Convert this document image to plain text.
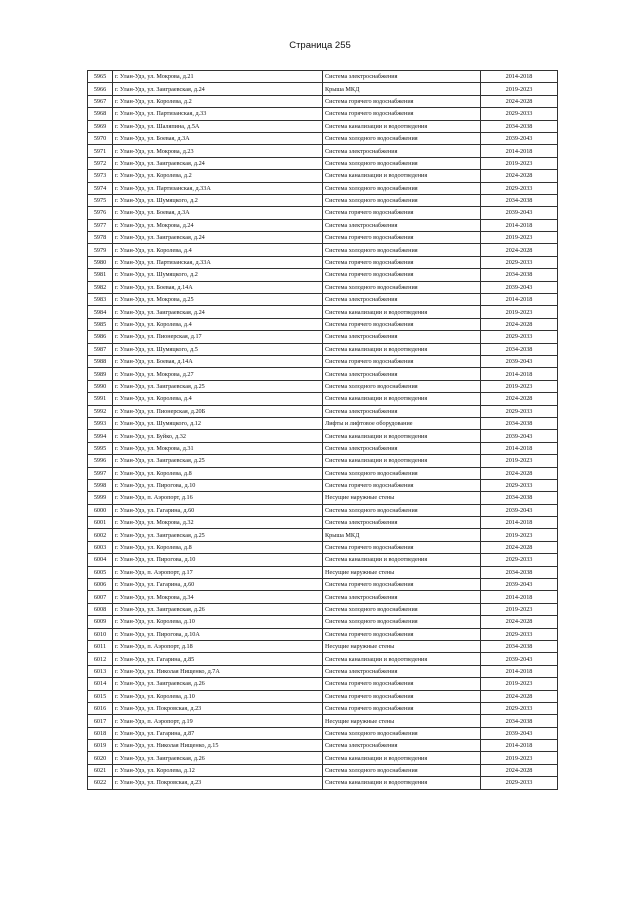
Страница 255
5965	г. Улан-Удэ, ул. Мокрова, д.21	Система электроснабжения	2014-2018
5966	г. Улан-Удэ, ул. Заиграевская, д.24	Крыша МКД	2019-2023
5967	г. Улан-Удэ, ул. Королева, д.2	Система горячего водоснабжения	2024-2028
5968	г. Улан-Удэ, ул. Партизанская, д.33	Система горячего водоснабжения	2029-2033
5969	г. Улан-Удэ, ул. Шаляпина, д.5А	Система канализации и водоотведения	2034-2038
5970	г. Улан-Удэ, ул. Боевая, д.3А	Система холодного водоснабжения	2039-2043
5971	г. Улан-Удэ, ул. Мокрова, д.23	Система электроснабжения	2014-2018
5972	г. Улан-Удэ, ул. Заиграевская, д.24	Система холодного водоснабжения	2019-2023
5973	г. Улан-Удэ, ул. Королева, д.2	Система канализации и водоотведения	2024-2028
5974	г. Улан-Удэ, ул. Партизанская, д.33А	Система холодного водоснабжения	2029-2033
5975	г. Улан-Удэ, ул. Шумяцкого, д.2	Система холодного водоснабжения	2034-2038
5976	г. Улан-Удэ, ул. Боевая, д.3А	Система горячего водоснабжения	2039-2043
5977	г. Улан-Удэ, ул. Мокрова, д.24	Система электроснабжения	2014-2018
5978	г. Улан-Удэ, ул. Заиграевская, д.24	Система горячего водоснабжения	2019-2023
5979	г. Улан-Удэ, ул. Королева, д.4	Система холодного водоснабжения	2024-2028
5980	г. Улан-Удэ, ул. Партизанская, д.33А	Система горячего водоснабжения	2029-2033
5981	г. Улан-Удэ, ул. Шумяцкого, д.2	Система горячего водоснабжения	2034-2038
5982	г. Улан-Удэ, ул. Боевая, д.14А	Система холодного водоснабжения	2039-2043
5983	г. Улан-Удэ, ул. Мокрова, д.25	Система электроснабжения	2014-2018
5984	г. Улан-Удэ, ул. Заиграевская, д.24	Система канализации и водоотведения	2019-2023
5985	г. Улан-Удэ, ул. Королева, д.4	Система горячего водоснабжения	2024-2028
5986	г. Улан-Удэ, ул. Пионерская, д.17	Система электроснабжения	2029-2033
5987	г. Улан-Удэ, ул. Шумяцкого, д.5	Система канализации и водоотведения	2034-2038
5988	г. Улан-Удэ, ул. Боевая, д.14А	Система горячего водоснабжения	2039-2043
5989	г. Улан-Удэ, ул. Мокрова, д.27	Система электроснабжения	2014-2018
5990	г. Улан-Удэ, ул. Заиграевская, д.25	Система холодного водоснабжения	2019-2023
5991	г. Улан-Удэ, ул. Королева, д.4	Система канализации и водоотведения	2024-2028
5992	г. Улан-Удэ, ул. Пионерская, д.20Б	Система электроснабжения	2029-2033
5993	г. Улан-Удэ, ул. Шумяцкого, д.12	Лифты и лифтовое оборудование	2034-2038
5994	г. Улан-Удэ, ул. Буйко, д.32	Система канализации и водоотведения	2039-2043
5995	г. Улан-Удэ, ул. Мокрова, д.31	Система электроснабжения	2014-2018
5996	г. Улан-Удэ, ул. Заиграевская, д.25	Система канализации и водоотведения	2019-2023
5997	г. Улан-Удэ, ул. Королева, д.8	Система холодного водоснабжения	2024-2028
5998	г. Улан-Удэ, ул. Пирогова, д.10	Система горячего водоснабжения	2029-2033
5999	г. Улан-Удэ, п. Аэропорт, д.16	Несущие наружные стены	2034-2038
6000	г. Улан-Удэ, ул. Гагарина, д.60	Система холодного водоснабжения	2039-2043
6001	г. Улан-Удэ, ул. Мокрова, д.32	Система электроснабжения	2014-2018
6002	г. Улан-Удэ, ул. Заиграевская, д.25	Крыша МКД	2019-2023
6003	г. Улан-Удэ, ул. Королева, д.8	Система горячего водоснабжения	2024-2028
6004	г. Улан-Удэ, ул. Пирогова, д.10	Система канализации и водоотведения	2029-2033
6005	г. Улан-Удэ, п. Аэропорт, д.17	Несущие наружные стены	2034-2038
6006	г. Улан-Удэ, ул. Гагарина, д.60	Система горячего водоснабжения	2039-2043
6007	г. Улан-Удэ, ул. Мокрова, д.34	Система электроснабжения	2014-2018
6008	г. Улан-Удэ, ул. Заиграевская, д.26	Система холодного водоснабжения	2019-2023
6009	г. Улан-Удэ, ул. Королева, д.10	Система холодного водоснабжения	2024-2028
6010	г. Улан-Удэ, ул. Пирогова, д.10А	Система горячего водоснабжения	2029-2033
6011	г. Улан-Удэ, п. Аэропорт, д.18	Несущие наружные стены	2034-2038
6012	г. Улан-Удэ, ул. Гагарина, д.85	Система канализации и водоотведения	2039-2043
6013	г. Улан-Удэ, ул. Николая Нищенко, д.7А	Система электроснабжения	2014-2018
6014	г. Улан-Удэ, ул. Заиграевская, д.26	Система горячего водоснабжения	2019-2023
6015	г. Улан-Удэ, ул. Королева, д.10	Система горячего водоснабжения	2024-2028
6016	г. Улан-Удэ, ул. Покровская, д.23	Система горячего водоснабжения	2029-2033
6017	г. Улан-Удэ, п. Аэропорт, д.19	Несущие наружные стены	2034-2038
6018	г. Улан-Удэ, ул. Гагарина, д.87	Система холодного водоснабжения	2039-2043
6019	г. Улан-Удэ, ул. Николая Нищенко, д.15	Система электроснабжения	2014-2018
6020	г. Улан-Удэ, ул. Заиграевская, д.26	Система канализации и водоотведения	2019-2023
6021	г. Улан-Удэ, ул. Королева, д.12	Система холодного водоснабжения	2024-2028
6022	г. Улан-Удэ, ул. Покровская, д.23	Система канализации и водоотведения	2029-2033
